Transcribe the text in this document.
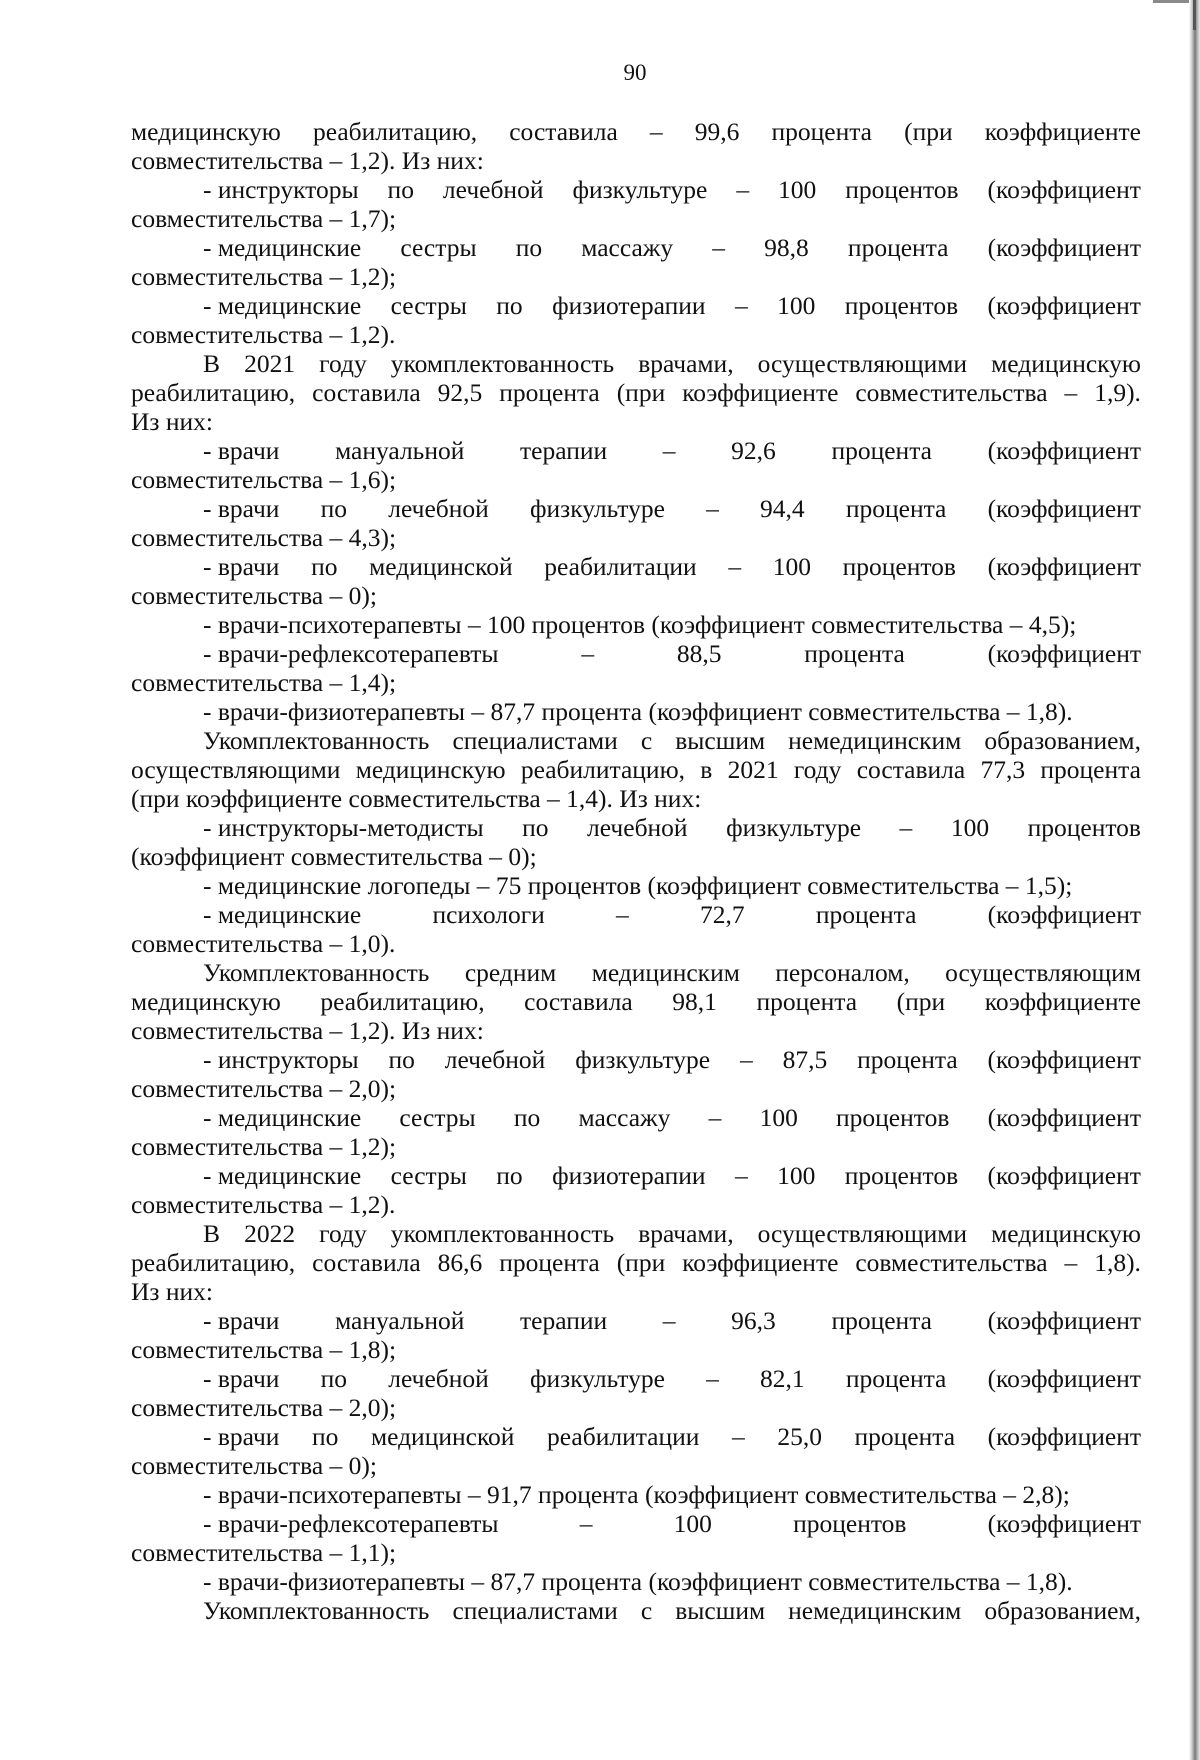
90
медицинскую реабилитацию, составила – 99,6 процента (при коэффициенте
совместительства – 1,2). Из них:
- инструкторы по лечебной физкультуре – 100 процентов (коэффициент
совместительства – 1,7);
- медицинские сестры по массажу – 98,8 процента (коэффициент
совместительства – 1,2);
- медицинские сестры по физиотерапии – 100 процентов (коэффициент
совместительства – 1,2).
В 2021 году укомплектованность врачами, осуществляющими медицинскую
реабилитацию, составила 92,5 процента (при коэффициенте совместительства – 1,9).
Из них:
- врачи мануальной терапии – 92,6 процента (коэффициент
совместительства – 1,6);
- врачи по лечебной физкультуре – 94,4 процента (коэффициент
совместительства – 4,3);
- врачи по медицинской реабилитации – 100 процентов (коэффициент
совместительства – 0);
- врачи-психотерапевты – 100 процентов (коэффициент совместительства – 4,5);
- врачи-рефлексотерапевты	–	88,5	процента	(коэффициент
совместительства – 1,4);
- врачи-физиотерапевты – 87,7 процента (коэффициент совместительства – 1,8).
Укомплектованность специалистами с высшим немедицинским образованием,
осуществляющими медицинскую реабилитацию, в 2021 году составила 77,3 процента
(при коэффициенте совместительства – 1,4). Из них:
- инструкторы-методисты по лечебной физкультуре – 100 процентов
(коэффициент совместительства – 0);
- медицинские логопеды – 75 процентов (коэффициент совместительства – 1,5);
- медицинские	психологи	–	72,7	процента	(коэффициент
совместительства – 1,0).
Укомплектованность средним медицинским персоналом, осуществляющим
медицинскую реабилитацию, составила 98,1 процента (при коэффициенте
совместительства – 1,2). Из них:
- инструкторы по лечебной физкультуре – 87,5 процента (коэффициент
совместительства – 2,0);
- медицинские сестры по массажу – 100 процентов (коэффициент
совместительства – 1,2);
- медицинские сестры по физиотерапии – 100 процентов (коэффициент
совместительства – 1,2).
В 2022 году укомплектованность врачами, осуществляющими медицинскую
реабилитацию, составила 86,6 процента (при коэффициенте совместительства – 1,8).
Из них:
- врачи мануальной терапии – 96,3 процента (коэффициент
совместительства – 1,8);
- врачи по лечебной физкультуре – 82,1 процента (коэффициент
совместительства – 2,0);
- врачи по медицинской реабилитации – 25,0 процента (коэффициент
совместительства – 0);
- врачи-психотерапевты – 91,7 процента (коэффициент совместительства – 2,8);
- врачи-рефлексотерапевты	–	100	процентов	(коэффициент
совместительства – 1,1);
- врачи-физиотерапевты – 87,7 процента (коэффициент совместительства – 1,8).
Укомплектованность специалистами с высшим немедицинским образованием,
